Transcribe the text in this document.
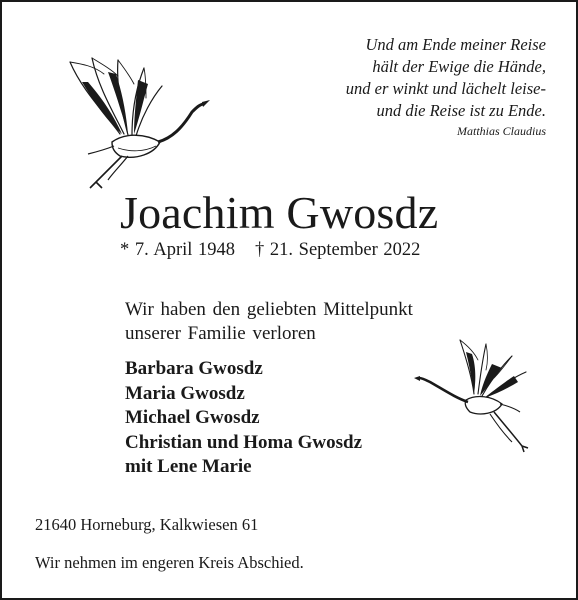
Und am Ende meiner Reise
hält der Ewige die Hände,
und er winkt und lächelt leise-
und die Reise ist zu Ende.
Matthias Claudius
Joachim Gwosdz
* 7. April 1948 † 21. September 2022
Wir haben den geliebten Mittelpunkt
unserer Familie verloren
Barbara Gwosdz
Maria Gwosdz
Michael Gwosdz
Christian und Homa Gwosdz
mit Lene Marie
21640 Horneburg, Kalkwiesen 61
Wir nehmen im engeren Kreis Abschied.
